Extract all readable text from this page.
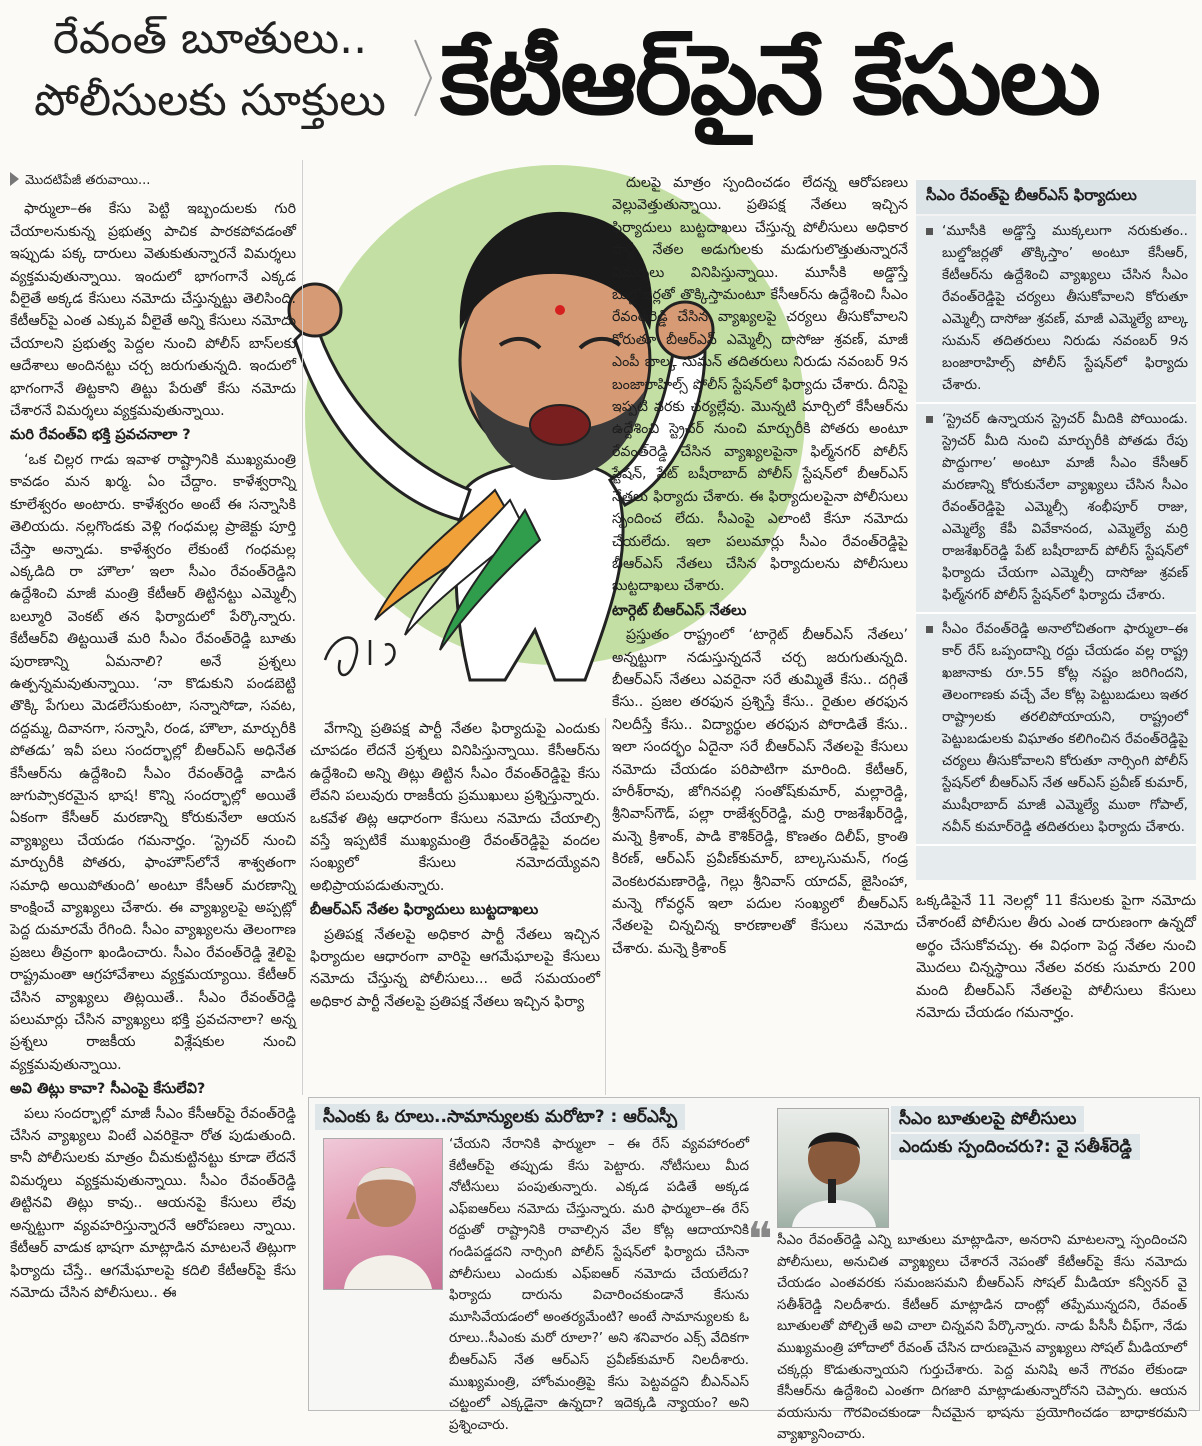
రేవంత్ బూతులు..
పోలీసులకు సూక్తులు కేటీఆర్‌పైనే కేసులు
మొదటిపేజీ తరువాయి...

ఫార్ములా–ఈ కేసు పెట్టి ఇబ్బందులకు గురి చేయాలనుకున్న ప్రభుత్వ పాచిక పారకపోవడంతో ఇప్పుడు పక్క దారులు వెతుకుతున్నారనే విమర్శలు వ్యక్తమవుతున్నాయి. ఇందులో భాగంగానే ఎక్కడ వీలైతే అక్కడ కేసులు నమోదు చేస్తున్నట్టు తెలిసింది. కేటీఆర్‌పై ఎంత ఎక్కువ వీలైతే అన్ని కేసులు నమోదు చేయాలని ప్రభుత్వ పెద్దల నుంచి పోలీస్ బాస్‌లకు ఆదేశాలు అందినట్టు చర్చ జరుగుతున్నది. ఇందులో భాగంగానే తిట్టకాని తిట్టు పేరుతో కేసు నమోదు చేశారనే విమర్శలు వ్యక్తమవుతున్నాయి.

మరి రేవంత్‌వి భక్తి ప్రవచనాలా ?

‘ఒక చిల్లర గాడు ఇవాళ రాష్ట్రానికి ముఖ్యమంత్రి కావడం మన ఖర్మ. ఏం చేద్దాం. కాళేశ్వరాన్ని కూలేశ్వరం అంటారు. కాళేశ్వరం అంటే ఈ సన్నాసికి తెలియదు. నల్లగొండకు వెళ్లి గంధమల్ల ప్రాజెక్టు పూర్తి చేస్తా అన్నాడు. కాళేశ్వరం లేకుంటే గంధమల్ల ఎక్కడిది రా హౌలా’ ఇలా సీఎం రేవంత్‌రెడ్డిని ఉద్దేశించి మాజీ మంత్రి కేటీఆర్ తిట్టినట్టు ఎమ్మెల్సీ బల్మూరి వెంకట్ తన ఫిర్యాదులో పేర్కొన్నారు. కేటీఆర్‌వి తిట్టయితే మరి సీఎం రేవంత్‌రెడ్డి బూతు పురాణాన్ని ఏమనాలి? అనే ప్రశ్నలు ఉత్పన్నమవుతున్నాయి. ‘నా కొడుకుని పండబెట్టి తొక్కి పేగులు మెడలేసుకుంటా, సన్నాసోడా, సవట, దద్దమ్మ, దివానగా, సన్నాసి, రండ, హౌలా, మార్చురీకి పోతడు’ ఇవీ పలు సందర్భాల్లో బీఆర్‌ఎస్ అధినేత కేసీఆర్‌ను ఉద్దేశించి సీఎం రేవంత్‌రెడ్డి వాడిన జుగుప్సాకరమైన భాష! కొన్ని సందర్భాల్లో అయితే ఏకంగా కేసీఆర్ మరణాన్ని కోరుకునేలా ఆయన వ్యాఖ్యలు చేయడం గమనార్హం. ‘స్ట్రెచర్ నుంచి మార్చురీకి పోతరు, ఫాంహౌస్‌లోనే శాశ్వతంగా సమాధి అయిపోతుంది’ అంటూ కేసీఆర్ మరణాన్ని కాంక్షించే వ్యాఖ్యలు చేశారు. ఈ వ్యాఖ్యలపై అప్పట్లో పెద్ద దుమారమే రేగింది. సీఎం వ్యాఖ్యలను తెలంగాణ ప్రజలు తీవ్రంగా ఖండించారు. సీఎం రేవంత్‌రెడ్డి శైలిపై రాష్ట్రమంతా ఆగ్రహావేశాలు వ్యక్తమయ్యాయి. కేటీఆర్ చేసిన వ్యాఖ్యలు తిట్లయితే.. సీఎం రేవంత్‌రెడ్డి పలుమార్లు చేసిన వ్యాఖ్యలు భక్తి ప్రవచనాలా? అన్న ప్రశ్నలు రాజకీయ విశ్లేషకుల నుంచి వ్యక్తమవుతున్నాయి.

అవి తిట్లు కావా? సీఎంపై కేసులేవి?

పలు సందర్భాల్లో మాజీ సీఎం కేసీఆర్‌పై రేవంత్‌రెడ్డి చేసిన వ్యాఖ్యలు వింటే ఎవరికైనా రోత పుడుతుంది. కానీ పోలీసులకు మాత్రం చీమకుట్టినట్టు కూడా లేదనే విమర్శలు వ్యక్తమవుతున్నాయి. సీఎం రేవంత్‌రెడ్డి తిట్టినవి తిట్లు కావు.. ఆయనపై కేసులు లేవు అన్నట్టుగా వ్యవహరిస్తున్నారనే ఆరోపణలు న్నాయి. కేటీఆర్ వాడుక భాషగా మాట్లాడిన మాటలనే తిట్లుగా ఫిర్యాదు చేస్తే.. ఆగమేఘాలపై కదిలి కేటీఆర్‌పై కేసు నమోదు చేసిన పోలీసులు.. ఈ

వేగాన్ని ప్రతిపక్ష పార్టీ నేతల ఫిర్యాదుపై ఎందుకు చూపడం లేదనే ప్రశ్నలు వినిపిస్తున్నాయి. కేసీఆర్‌ను ఉద్దేశించి అన్ని తిట్లు తిట్టిన సీఎం రేవంత్‌రెడ్డిపై కేసు లేవని పలువురు రాజకీయ ప్రముఖులు ప్రశ్నిస్తున్నారు. ఒకవేళ తిట్ల ఆధారంగా కేసులు నమోదు చేయాల్సి వస్తే ఇప్పటికే ముఖ్యమంత్రి రేవంత్‌రెడ్డిపై వందల సంఖ్యలో కేసులు నమోదయ్యేవని అభిప్రాయపడుతున్నారు.

బీఆర్‌ఎస్ నేతల ఫిర్యాదులు బుట్టదాఖలు

ప్రతిపక్ష నేతలపై అధికార పార్టీ నేతలు ఇచ్చిన ఫిర్యాదుల ఆధారంగా వారిపై ఆగమేఘాలపై కేసులు నమోదు చేస్తున్న పోలీసులు... అదే సమయంలో అధికార పార్టీ నేతలపై ప్రతిపక్ష నేతలు ఇచ్చిన ఫిర్యా

దులపై మాత్రం స్పందించడం లేదన్న ఆరోపణలు వెల్లువెత్తుతున్నాయి. ప్రతిపక్ష నేతలు ఇచ్చిన ఫిర్యాదులు బుట్టదాఖలు చేస్తున్న పోలీసులు అధికార పార్టీ నేతల అడుగులకు మడుగులొత్తుతున్నారనే విమర్శలు వినిపిస్తున్నాయి. మూసీకి అడ్డొస్తే బుల్డోజర్లతో తొక్కిస్తామంటూ కేసీఆర్‌ను ఉద్దేశించి సీఎం రేవంత్‌రెడ్డి చేసిన వ్యాఖ్యలపై చర్యలు తీసుకోవాలని కోరుతూ బీఆర్‌ఎస్ ఎమ్మెల్సీ దాసోజు శ్రవణ్, మాజీ ఎంపీ బాల్క సుమన్ తదితరులు నిరుడు నవంబర్ 9న బంజారాహిల్స్ పోలీస్ స్టేషన్‌లో ఫిర్యాదు చేశారు. దీనిపై ఇప్పటి వరకు చర్యల్లేవు. మొన్నటి మార్చిలో కేసీఆర్‌ను ఉద్దేశించి స్ట్రెచర్ నుంచి మార్చురీకి పోతరు అంటూ రేవంత్‌రెడ్డి చేసిన వ్యాఖ్యలపైనా ఫిల్మ్‌నగర్ పోలీస్ స్టేషన్, పేట్ బషీరాబాద్ పోలీస్ స్టేషన్‌లో బీఆర్‌ఎస్ నేతలు ఫిర్యాదు చేశారు. ఈ ఫిర్యాదులపైనా పోలీసులు స్పందించ లేదు. సీఎంపై ఎలాంటి కేసూ నమోదు చేయలేదు. ఇలా పలుమార్లు సీఎం రేవంత్‌రెడ్డిపై బీఆర్‌ఎస్ నేతలు చేసిన ఫిర్యాదులను పోలీసులు బుట్టదాఖలు చేశారు.

టార్గెట్ బీఆర్‌ఎస్ నేతలు

ప్రస్తుతం రాష్ట్రంలో ‘టార్గెట్ బీఆర్‌ఎస్ నేతలు’ అన్నట్టుగా నడుస్తున్నదనే చర్చ జరుగుతున్నది. బీఆర్‌ఎస్ నేతలు ఎవరైనా సరే తుమ్మితే కేసు.. దగ్గితే కేసు.. ప్రజల తరఫున ప్రశ్నిస్తే కేసు.. రైతుల తరఫున నిలదీస్తే కేసు.. విద్యార్థుల తరఫున పోరాడితే కేసు.. ఇలా సందర్భం ఏదైనా సరే బీఆర్‌ఎస్ నేతలపై కేసులు నమోదు చేయడం పరిపాటిగా మారింది. కేటీఆర్, హరీశ్‌రావు, జోగినపల్లి సంతోష్‌కుమార్, మల్లారెడ్డి, శ్రీనివాస్‌గౌడ్, పల్లా రాజేశ్వర్‌రెడ్డి, మర్రి రాజశేఖర్‌రెడ్డి, మన్నె క్రిశాంక్, పాడి కౌశిక్‌రెడ్డి, కొణతం దిలీప్, క్రాంతి కిరణ్, ఆర్‌ఎస్ ప్రవీణ్‌కుమార్, బాల్కసుమన్, గండ్ర వెంకటరమణారెడ్డి, గెల్లు శ్రీనివాస్ యాదవ్, జైసింహా, మన్నె గోవర్ధన్ ఇలా పదుల సంఖ్యలో బీఆర్‌ఎస్ నేతలపై చిన్నచిన్న కారణాలతో కేసులు నమోదు చేశారు. మన్నె క్రిశాంక్

సీఎం రేవంత్‌పై బీఆర్‌ఎస్ ఫిర్యాదులు
‘మూసీకి అడ్డొస్తే ముక్కలుగా నరుకుతం.. బుల్డోజర్లతో తొక్కిస్తాం’ అంటూ కేసీఆర్, కేటీఆర్‌ను ఉద్దేశించి వ్యాఖ్యలు చేసిన సీఎం రేవంత్‌రెడ్డిపై చర్యలు తీసుకోవాలని కోరుతూ ఎమ్మెల్సీ దాసోజు శ్రవణ్, మాజీ ఎమ్మెల్యే బాల్క సుమన్ తదితరులు నిరుడు నవంబర్ 9న బంజారాహిల్స్ పోలీస్ స్టేషన్‌లో ఫిర్యాదు చేశారు.
‘స్ట్రెచర్ ఉన్నాయన స్ట్రెచర్ మీదికి పోయిండు. స్ట్రెచర్ మీది నుంచి మార్చురీకి పోతడు రేపు పొద్దుగాల’ అంటూ మాజీ సీఎం కేసీఆర్ మరణాన్ని కోరుకునేలా వ్యాఖ్యలు చేసిన సీఎం రేవంత్‌రెడ్డిపై ఎమ్మెల్సీ శంభీపూర్ రాజు, ఎమ్మెల్యే కేపీ వివేకానంద, ఎమ్మెల్యే మర్రి రాజశేఖర్‌రెడ్డి పేట్ బషీరాబాద్ పోలీస్ స్టేషన్‌లో ఫిర్యాదు చేయగా ఎమ్మెల్సీ దాసోజు శ్రవణ్ ఫిల్మ్‌నగర్ పోలీస్ స్టేషన్‌లో ఫిర్యాదు చేశారు.
సీఎం రేవంత్‌రెడ్డి అనాలోచితంగా ఫార్ములా–ఈ కార్ రేస్ ఒప్పందాన్ని రద్దు చేయడం వల్ల రాష్ట్ర ఖజానాకు రూ.55 కోట్ల నష్టం జరిగిందని, తెలంగాణకు వచ్చే వేల కోట్ల పెట్టుబడులు ఇతర రాష్ట్రాలకు తరలిపోయాయని, రాష్ట్రంలో పెట్టుబడులకు విఘాతం కలిగించిన రేవంత్‌రెడ్డిపై చర్యలు తీసుకోవాలని కోరుతూ నార్సింగి పోలీస్ స్టేషన్‌లో బీఆర్‌ఎస్ నేత ఆర్‌ఎస్ ప్రవీణ్ కుమార్, ముషీరాబాద్ మాజీ ఎమ్మెల్యే ముఠా గోపాల్, నవీన్ కుమార్‌రెడ్డి తదితరులు ఫిర్యాదు చేశారు.

ఒక్కడిపైనే 11 నెలల్లో 11 కేసులకు పైగా నమోదు చేశారంటే పోలీసుల తీరు ఎంత దారుణంగా ఉన్నదో అర్థం చేసుకోవచ్చు. ఈ విధంగా పెద్ద నేతల నుంచి మొదలు చిన్నస్థాయి నేతల వరకు సుమారు 200 మంది బీఆర్‌ఎస్ నేతలపై పోలీసులు కేసులు నమోదు చేయడం గమనార్హం.

సీఎంకు ఓ రూలు..సామాన్యులకు మరోటా? : ఆర్‌ఎస్పీ
‘చేయని నేరానికి ఫార్ములా – ఈ రేస్ వ్యవహారంలో కేటీఆర్‌పై తప్పుడు కేసు పెట్టారు. నోటీసులు మీద నోటీసులు పంపుతున్నారు. ఎక్కడ పడితే అక్కడ ఎఫ్‌ఐఆర్‌లు నమోదు చేస్తున్నారు. మరి ఫార్ములా–ఈ రేస్ రద్దుతో రాష్ట్రానికి రావాల్సిన వేల కోట్ల ఆదాయానికి గండిపడ్డదని నార్సింగి పోలీస్ స్టేషన్‌లో ఫిర్యాదు చేసినా పోలీసులు ఎందుకు ఎఫ్‌ఐఆర్ నమోదు చేయలేదు? ఫిర్యాదు దారును విచారించకుండానే కేసును మూసివేయడంలో అంతర్యమేంటి? అంటే సామాన్యులకు ఓ రూలు..సీఎంకు మరో రూలా?’ అని శనివారం ఎక్స్ వేదికగా బీఆర్‌ఎస్ నేత ఆర్‌ఎస్ ప్రవీణ్‌కుమార్ నిలదీశారు. ముఖ్యమంత్రి, హోంమంత్రిపై కేసు పెట్టవద్దని బీఎన్‌ఎస్ చట్టంలో ఎక్కడైనా ఉన్నదా? ఇదెక్కడి న్యాయం? అని ప్రశ్నించారు.
సీఎం బూతులపై పోలీసులు
ఎందుకు స్పందించరు?: వై సతీశ్‌రెడ్డి
❝ సీఎం రేవంత్‌రెడ్డి ఎన్ని బూతులు మాట్లాడినా, అనరాని మాటలన్నా స్పందించని పోలీసులు, అనుచిత వ్యాఖ్యలు చేశారనే నెపంతో కేటీఆర్‌పై కేసు నమోదు చేయడం ఎంతవరకు సమంజసమని బీఆర్‌ఎస్ సోషల్ మీడియా కన్వీనర్ వై సతీశ్‌రెడ్డి నిలదీశారు. కేటీఆర్ మాట్లాడిన దాంట్లో తప్పేమున్నదని, రేవంత్ బూతులతో పోల్చితే అవి చాలా చిన్నవని పేర్కొన్నారు. నాడు పీసీసీ చీఫ్‌గా, నేడు ముఖ్యమంత్రి హోదాలో రేవంత్ చేసిన దారుణమైన వ్యాఖ్యలు సోషల్ మీడియాలో చక్కర్లు కొడుతున్నాయని గుర్తుచేశారు. పెద్ద మనిషి అనే గౌరవం లేకుండా కేసీఆర్‌ను ఉద్దేశించి ఎంతగా దిగజారి మాట్లాడుతున్నారోనని చెప్పారు. ఆయన వయసును గౌరవించకుండా నీచమైన భాషను ప్రయోగించడం బాధాకరమని వ్యాఖ్యానించారు.
